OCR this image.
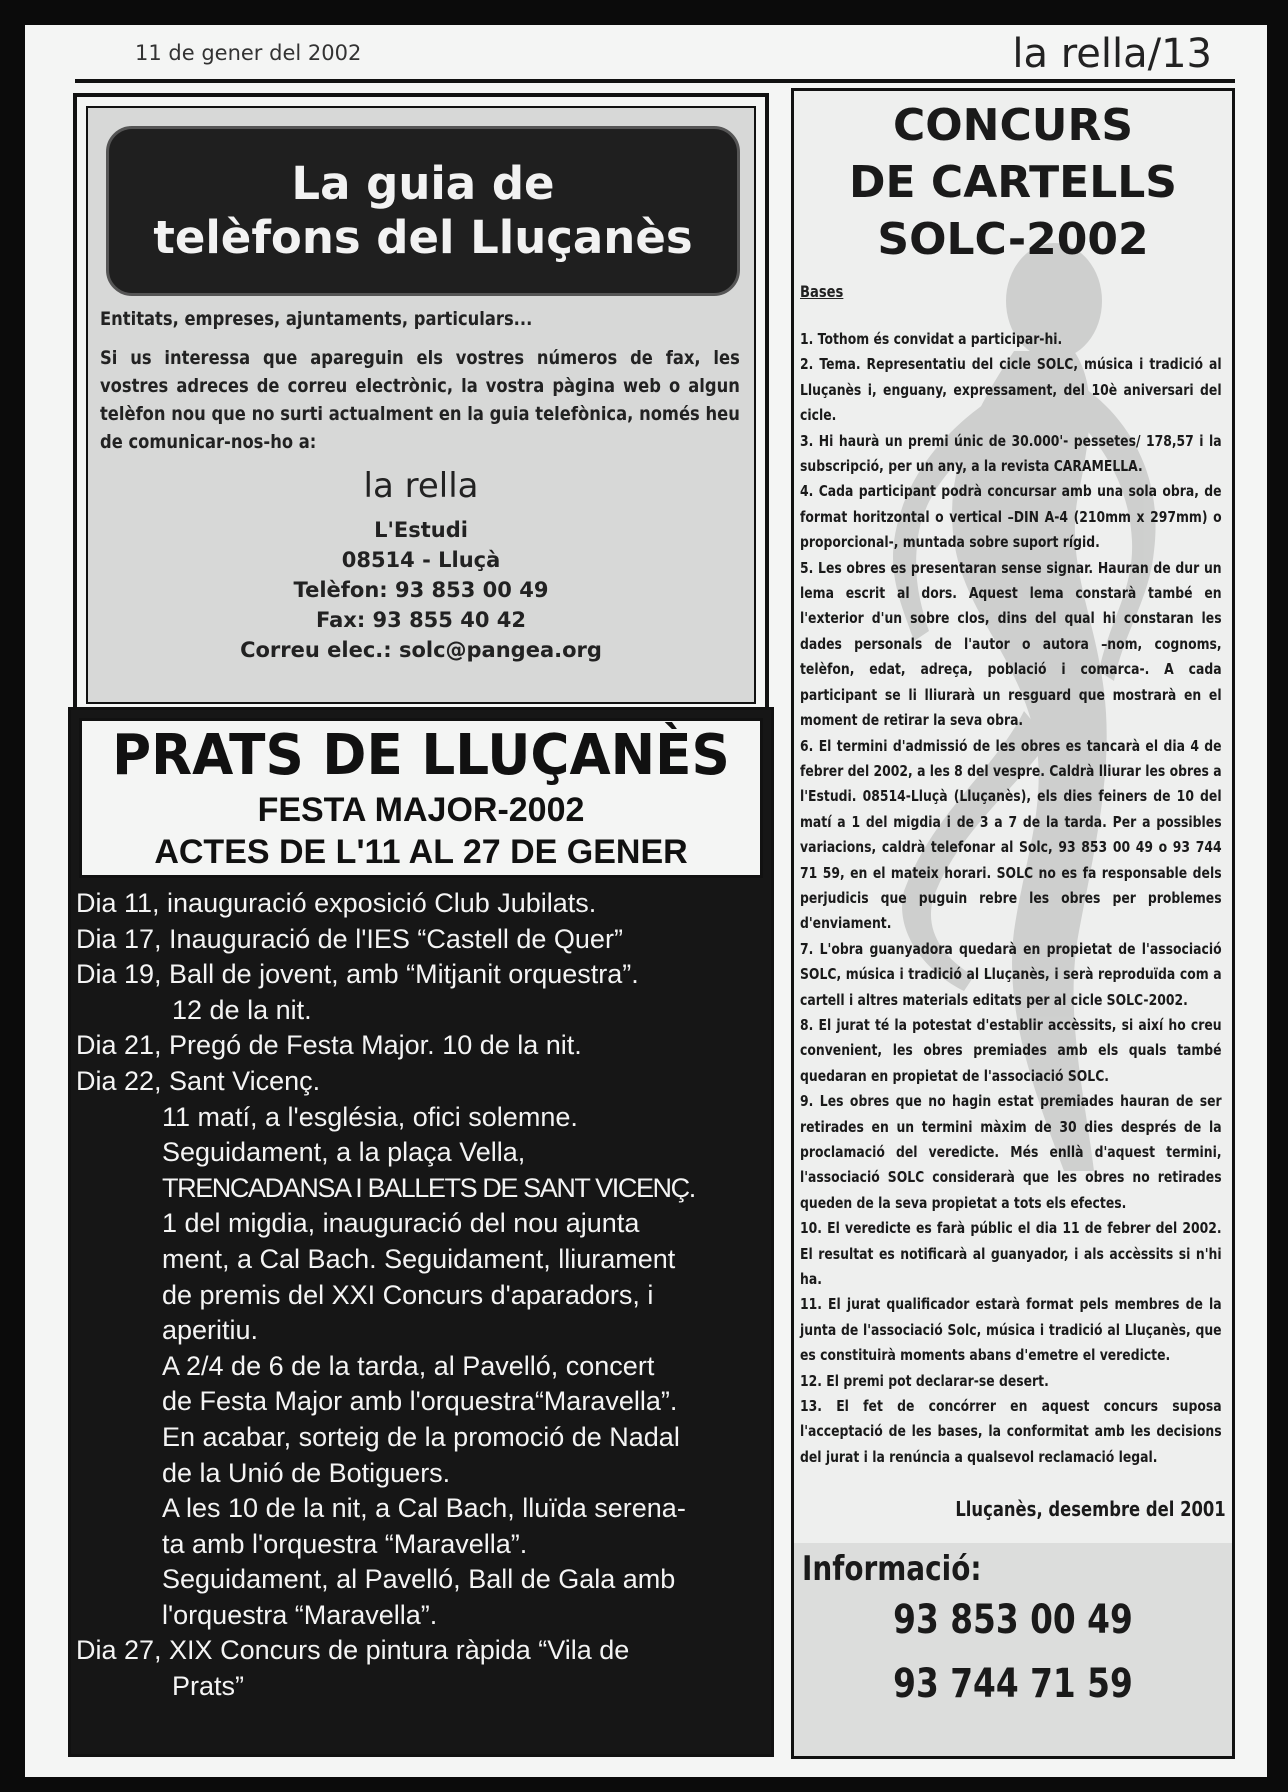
11 de gener del 2002	la rella/13
La guia de
telèfons del Lluçanès
Entitats, empreses, ajuntaments, particulars...
Si us interessa que apareguin els vostres números de fax, les vostres adreces de correu electrònic, la vostra pàgina web o algun telèfon nou que no surti actualment en la guia telefònica, només heu de comunicar-nos-ho a:
la rella
L'Estudi
08514 - Lluçà
Telèfon: 93 853 00 49
Fax: 93 855 40 42
Correu elec.: solc@pangea.org
PRATS DE LLUÇANÈS
FESTA MAJOR-2002
ACTES DE L'11 AL 27 DE GENER
Dia 11, inauguració exposició Club Jubilats.
Dia 17, Inauguració de l'IES “Castell de Quer”
Dia 19, Ball de jovent, amb “Mitjanit orquestra”.
12 de la nit.
Dia 21, Pregó de Festa Major. 10 de la nit.
Dia 22, Sant Vicenç.
11 matí, a l'església, ofici solemne.
Seguidament, a la plaça Vella,
TRENCADANSA I BALLETS DE SANT VICENÇ.
1 del migdia, inauguració del nou ajunta
ment, a Cal Bach. Seguidament, lliurament
de premis del XXI Concurs d'aparadors, i
aperitiu.
A 2/4 de 6 de la tarda, al Pavelló, concert
de Festa Major amb l'orquestra“Maravella”.
En acabar, sorteig de la promoció de Nadal
de la Unió de Botiguers.
A les 10 de la nit, a Cal Bach, lluïda serena-
ta amb l'orquestra “Maravella”.
Seguidament, al Pavelló, Ball de Gala amb
l'orquestra “Maravella”.
Dia 27, XIX Concurs de pintura ràpida “Vila de
Prats”
CONCURS
DE CARTELLS
SOLC-2002
Bases
1. Tothom és convidat a participar-hi.
2. Tema. Representatiu del cicle SOLC, música i tradició al Lluçanès i, enguany, expressament, del 10è aniversari del cicle.
3. Hi haurà un premi únic de 30.000'- pessetes/ 178,57 i la subscripció, per un any, a la revista CARAMELLA.
4. Cada participant podrà concursar amb una sola obra, de format horitzontal o vertical –DIN A-4 (210mm x 297mm) o proporcional-, muntada sobre suport rígid.
5. Les obres es presentaran sense signar. Hauran de dur un lema escrit al dors. Aquest lema constarà també en l'exterior d'un sobre clos, dins del qual hi constaran les dades personals de l'autor o autora –nom, cognoms, telèfon, edat, adreça, població i comarca-. A cada participant se li lliurarà un resguard que mostrarà en el moment de retirar la seva obra.
6. El termini d'admissió de les obres es tancarà el dia 4 de febrer del 2002, a les 8 del vespre. Caldrà lliurar les obres a l'Estudi. 08514-Lluçà (Lluçanès), els dies feiners de 10 del matí a 1 del migdia i de 3 a 7 de la tarda. Per a possibles variacions, caldrà telefonar al Solc, 93 853 00 49 o 93 744 71 59, en el mateix horari. SOLC no es fa responsable dels perjudicis que puguin rebre les obres per problemes d'enviament.
7. L'obra guanyadora quedarà en propietat de l'associació SOLC, música i tradició al Lluçanès, i serà reproduïda com a cartell i altres materials editats per al cicle SOLC-2002.
8. El jurat té la potestat d'establir accèssits, si així ho creu convenient, les obres premiades amb els quals també quedaran en propietat de l'associació SOLC.
9. Les obres que no hagin estat premiades hauran de ser retirades en un termini màxim de 30 dies després de la proclamació del veredicte. Més enllà d'aquest termini, l'associació SOLC considerarà que les obres no retirades queden de la seva propietat a tots els efectes.
10. El veredicte es farà públic el dia 11 de febrer del 2002. El resultat es notificarà al guanyador, i als accèssits si n'hi ha.
11. El jurat qualificador estarà format pels membres de la junta de l'associació Solc, música i tradició al Lluçanès, que es constituirà moments abans d'emetre el veredicte.
12. El premi pot declarar-se desert.
13. El fet de concórrer en aquest concurs suposa l'acceptació de les bases, la conformitat amb les decisions del jurat i la renúncia a qualsevol reclamació legal.
Lluçanès, desembre del 2001
Informació:
93 853 00 49
93 744 71 59
